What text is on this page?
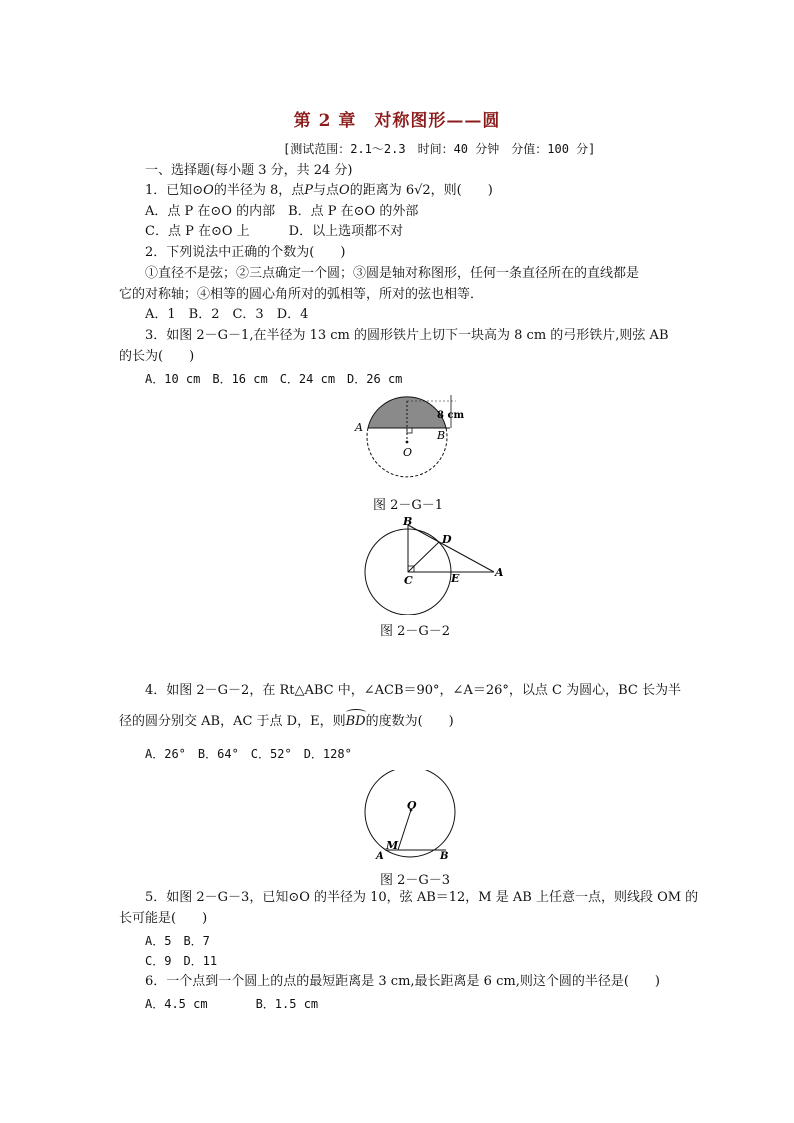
第 2 章　对称图形——圆
[测试范围：2.1～2.3　时间：40 分钟　分值：100 分]
一、选择题(每小题 3 分，共 24 分)
1．已知⊙O的半径为 8，点P与点O的距离为 6√2，则(　　)
A．点 P 在⊙O 的内部　B．点 P 在⊙O 的外部
C．点 P 在⊙O 上　　　D．以上选项都不对
2．下列说法中正确的个数为(　　)
①直径不是弦；②三点确定一个圆；③圆是轴对称图形，任何一条直径所在的直线都是
它的对称轴；④相等的圆心角所对的弧相等，所对的弦也相等．
A．1　B．2　C．3　D．4
3．如图 2－G－1,在半径为 13 cm 的圆形铁片上切下一块高为 8 cm 的弓形铁片,则弦 AB
的长为(　　)
A．10 cm　B．16 cm　C．24 cm　D．26 cm
A
B
O
8 cm
图 2－G－1
B
D
C	E	A
图 2－G－2
4．如图 2－G－2，在 Rt△ABC 中，∠ACB＝90°，∠A＝26°，以点 C 为圆心，BC 长为半
径的圆分别交 AB，AC 于点 D，E，则BD的度数为(　　)
A．26°　B．64°　C．52°　D．128°
O
M
A	B
图 2－G－3
5．如图 2－G－3，已知⊙O 的半径为 10，弦 AB＝12，M 是 AB 上任意一点，则线段 OM 的
长可能是(　　)
A．5　B．7
C．9　D．11
6．一个点到一个圆上的点的最短距离是 3 cm,最长距离是 6 cm,则这个圆的半径是(　　)
A．4.5 cm　　　　B．1.5 cm
